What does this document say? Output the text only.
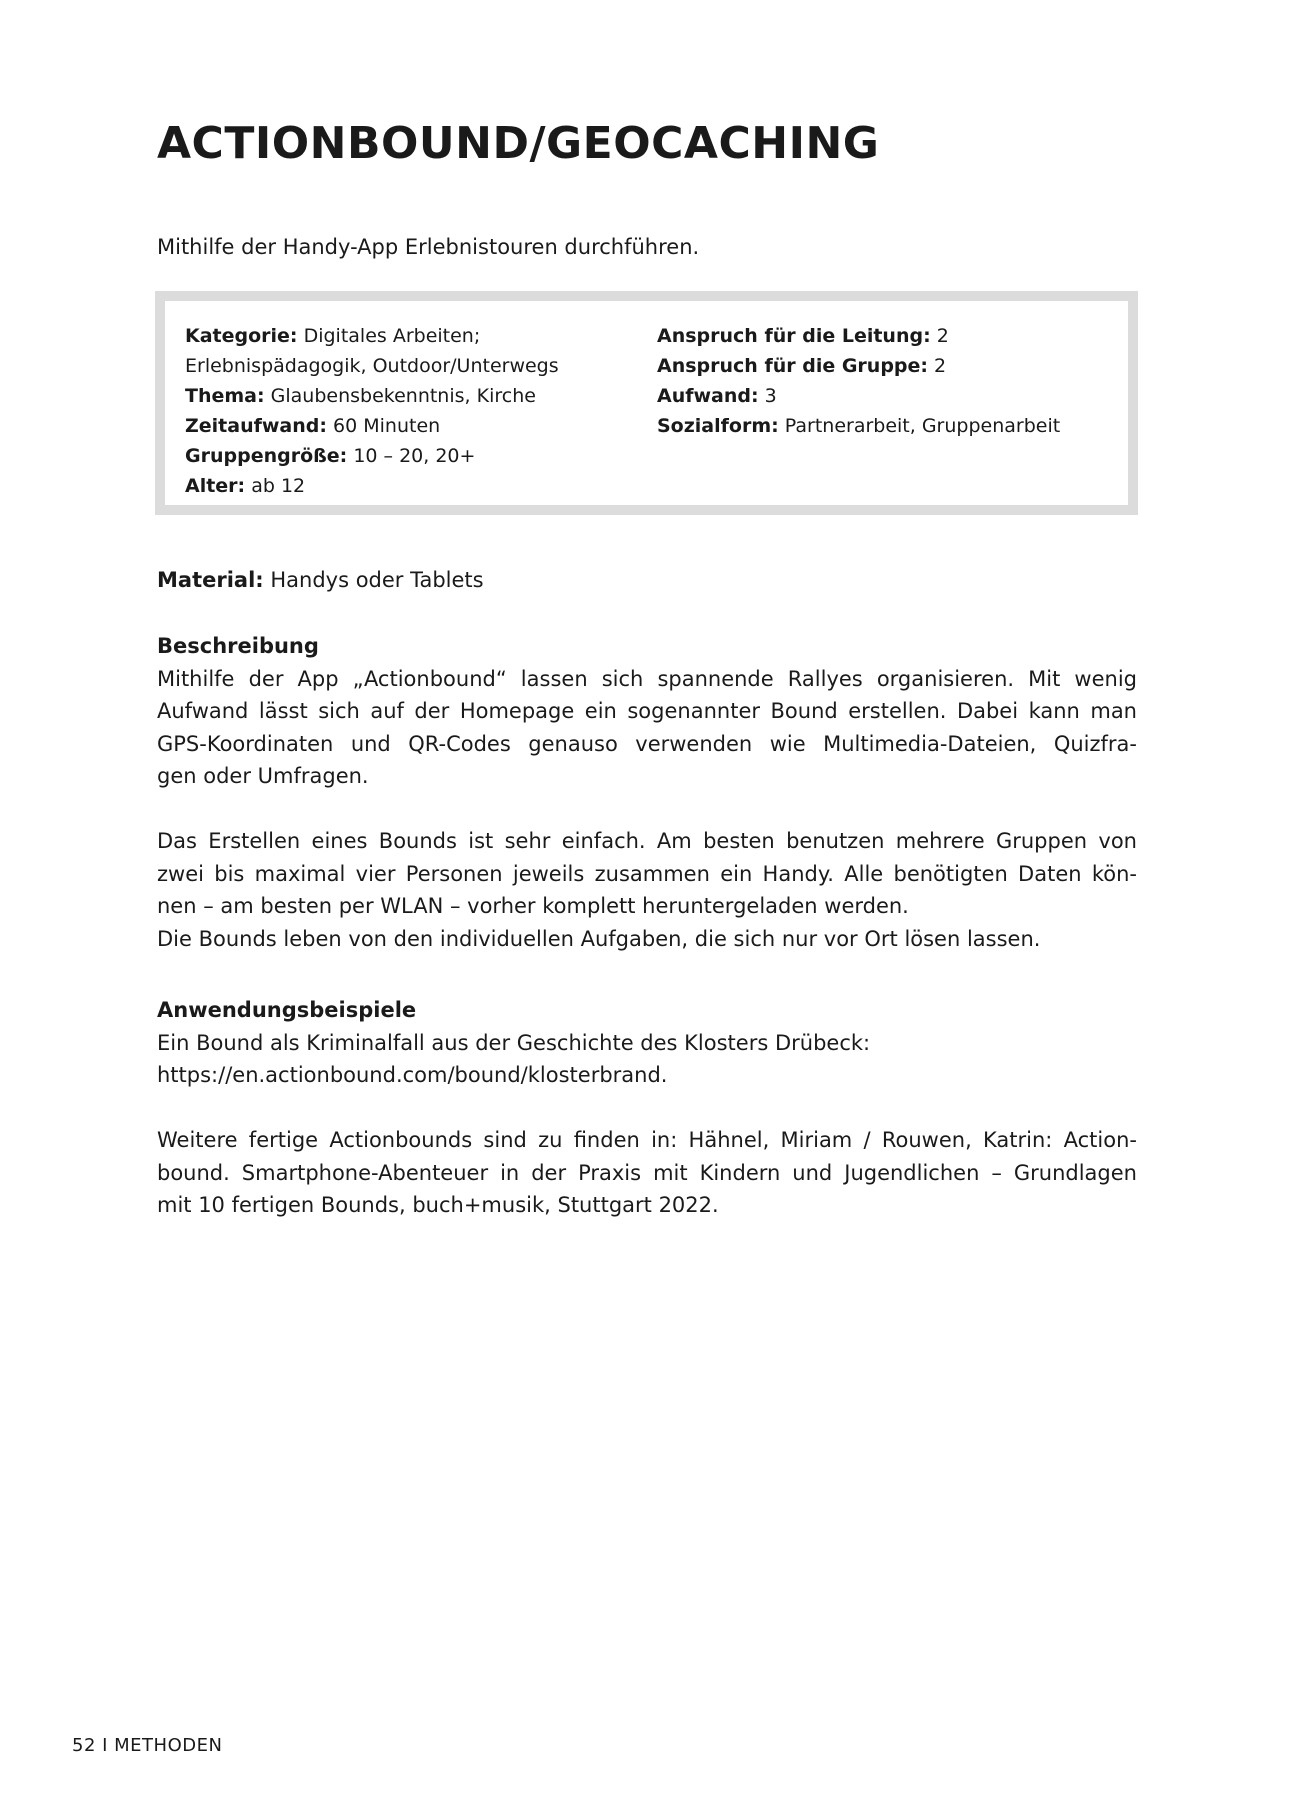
ACTIONBOUND/GEOCACHING
Mithilfe der Handy-App Erlebnistouren durchführen.
Kategorie: Digitales Arbeiten;
Erlebnispädagogik, Outdoor/Unterwegs
Thema: Glaubensbekenntnis, Kirche
Zeitaufwand: 60 Minuten
Gruppengröße: 10 – 20, 20+
Alter: ab 12
Anspruch für die Leitung: 2
Anspruch für die Gruppe: 2
Aufwand: 3
Sozialform: Partnerarbeit, Gruppenarbeit
Material: Handys oder Tablets
Beschreibung
Mithilfe der App „Actionbound“ lassen sich spannende Rallyes organisieren. Mit wenig
Aufwand lässt sich auf der Homepage ein sogenannter Bound erstellen. Dabei kann man
GPS-Koordinaten und QR-Codes genauso verwenden wie Multimedia-Dateien, Quizfra-
gen oder Umfragen.
Das Erstellen eines Bounds ist sehr einfach. Am besten benutzen mehrere Gruppen von
zwei bis maximal vier Personen jeweils zusammen ein Handy. Alle benötigten Daten kön-
nen – am besten per WLAN – vorher komplett heruntergeladen werden.
Die Bounds leben von den individuellen Aufgaben, die sich nur vor Ort lösen lassen.
Anwendungsbeispiele
Ein Bound als Kriminalfall aus der Geschichte des Klosters Drübeck:
https://en.actionbound.com/bound/klosterbrand.
Weitere fertige Actionbounds sind zu finden in: Hähnel, Miriam / Rouwen, Katrin: Action-
bound. Smartphone-Abenteuer in der Praxis mit Kindern und Jugendlichen – Grundlagen
mit 10 fertigen Bounds, buch+musik, Stuttgart 2022.
52 I METHODEN
